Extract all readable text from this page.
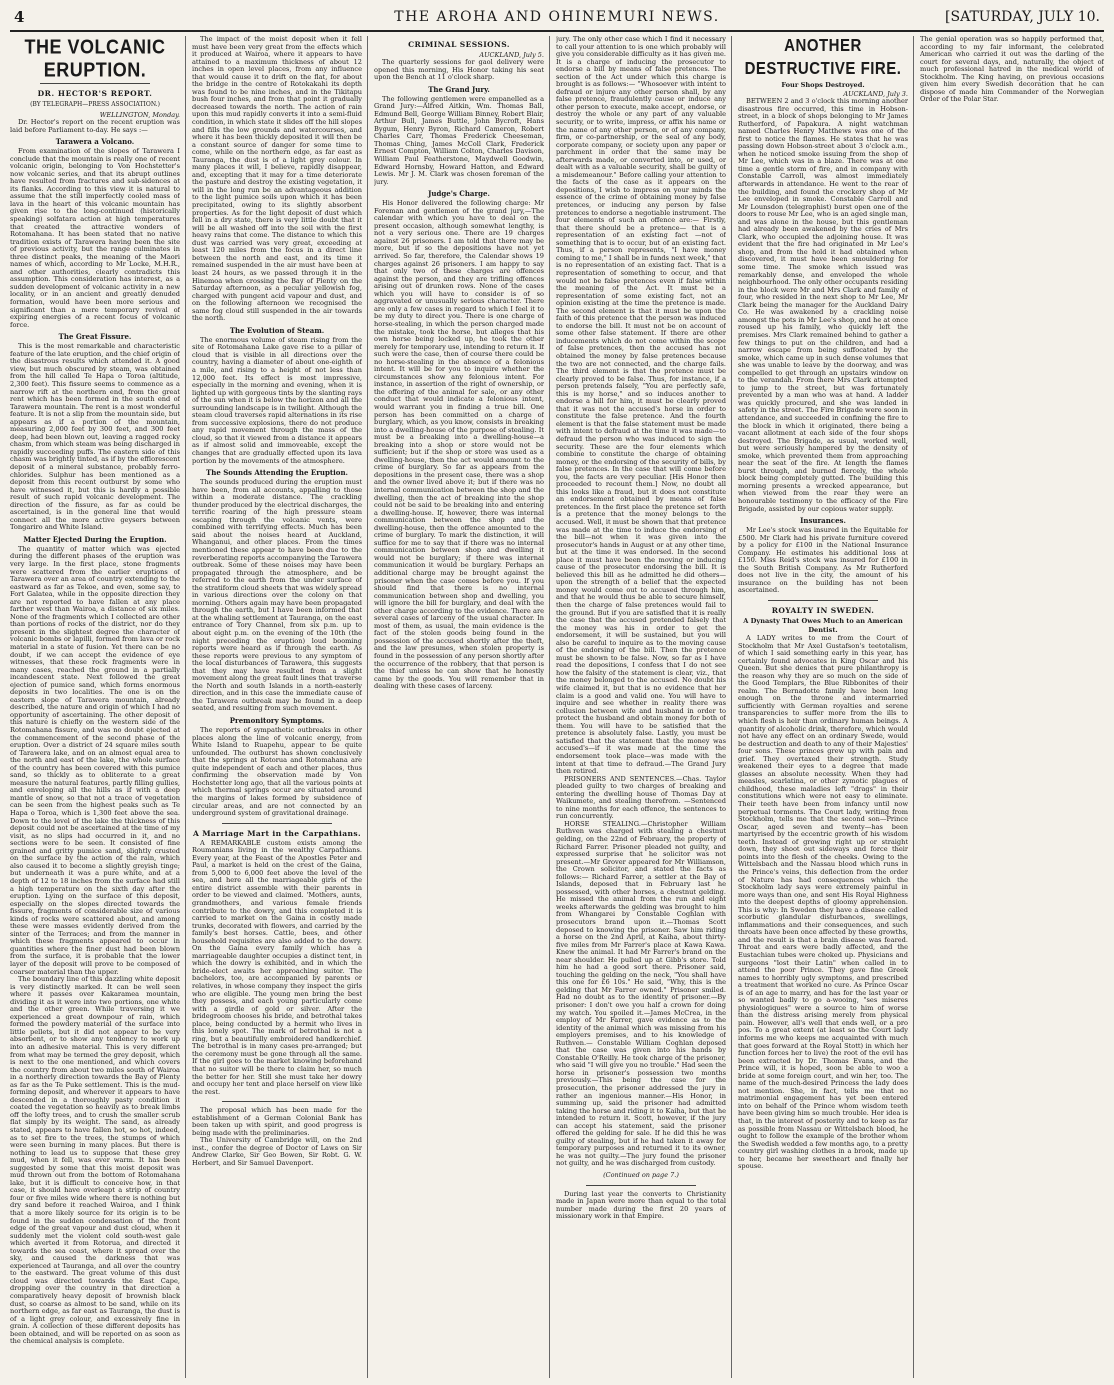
4	THE AROHA AND OHINEMURI NEWS.	[SATURDAY, JULY 10.
THE VOLCANIC ERUPTION.
DR. HECTOR'S REPORT.
(BY TELEGRAPH—PRESS ASSOCIATION.)
WELLINGTON, Monday.

Dr. Hector's report on the recent eruption was laid before Parliament to-day. He says :—

Tarawera a Volcano.

From examination of the slopes of Tarawera I conclude that the mountain is really one of recent volcanic origin, belonging to Von Hochstetter's now volcanic series, and that its abrupt outlines have resulted from fractures and sub-sidences at its flanks. According to this view it is natural to assume that the still imperfectly cooled mass of lava in the heart of this volcanic mountain has given rise to the long-continued (historically speaking) solfatara action at high temperatures that created the attractive wonders of Rotomahana. It has been stated that no native tradition exists of Tarawera having been the site of previous activity, but the range culminates in three distinct peaks, the meaning of the Maori names of which, according to Mr Locke, M.H.R., and other authorities, clearly contradicts this assumption. This consideration has interest, as a sudden development of volcanic activity in a new locality, or in an ancient and greatly denuded formation, would have been more serious and significant than a mere temporary revival of expiring energies of a recent focus of volcanic force.

The Great Fissure.

This is the most remarkable and characteristic feature of the late eruption, and the chief origin of the disastrous results which attended it. A good view, but much obscured by steam, was obtained from the hill called Te Hapa o Toroa (altitude, 2,300 feet). This fissure seems to commence as a narrow rift at the northern end, from the great rent which has been formed in the south end of Tarawera mountain. The rent is a most wonderful feature. It is not a slip from the mountain side, but appears as if a portion of the mountain, measuring 2,000 feet by 300 feet, and 300 feet deep, had been blown out, leaving a ragged rocky chasm, from which steam was being discharged in rapidly succeeding puffs. The eastern side of this chasm was brightly tinted, as if by the efflorescent deposit of a mineral substance, probably ferro-chlorides. Sulphur has been mentioned as a deposit from this recent outburst by some who have witnessed it, but this is hardly a possible result of such rapid volcanic development. The direction of the fissure, as far as could be ascertained, is in the general line that would connect all the more active geysers between Tongariro and White Island.

Matter Ejected During the Eruption.

The quantity of matter which was ejected during the different phases of the eruption was very large. In the first place, stone fragments were scattered from the earlier eruptions of Tarawera over an area of country extending to the eastward as far as Tekoe, and even, some say, to Fort Galatea, while in the opposite direction they are not reported to have fallen at any place farther west than Wairoa, a distance of six miles. None of the fragments which I collected are other than portions of rocks of the district, nor do they present in the slightest degree the character of volcanic bombs or lapilli, formed from lava or rock material in a state of fusion. Yet there can be no doubt, if we can accept the evidence of eye witnesses, that these rock fragments were in many cases, reached the ground in a partially incandescent state. Next followed the great ejection of pumice sand, which forms enormous deposits in two localities. The one is on the eastern slope of Tarawera mountain, already described, the nature and origin of which I had no opportunity of ascertaining. The other deposit of this nature is chiefly on the western side of the Rotomahana fissure, and was no doubt ejected at the commencement of the second phase of the eruption. Over a district of 24 square miles south of Tarawera lake, and on an almost equal area to the north and east of the lake, the whole surface of the country has been covered with this pumice sand, so thickly as to obliterate to a great measure the natural features, partly filling gullies, and enveloping all the hills as if with a deep mantle of snow, so that not a trace of vegetation can be seen from the highest peaks such as Te Hapa o Toroa, which is 1,300 feet above the sea. Down to the level of the lake the thickness of this deposit could not be ascertained at the time of my visit, as no slips had occurred in it, and no sections were to be seen. It consisted of fine grained and gritty pumice sand, slightly crusted on the surface by the action of the rain, which also caused it to become a slightly greyish tinge; but underneath it was a pure white, and at a depth of 12 to 18 inches from the surface had still a high temperature on the sixth day after the eruption. Lying on the surface of this deposit, especially on the slopes directed towards the fissure, fragments of considerable size of various kinds of rocks were scattered about, and among these were masses evidently derived from the sinter of the Terraces; and from the manner in which these fragments appeared to occur in quantities where the finer dust had been blown from the surface, it is probable that the lower layer of the deposit will prove to be composed of coarser material than the upper.

The boundary line of this dazzling white deposit is very distinctly marked. It can be well seen where it passes over Kakaramea mountain, dividing it as it were into two portions, one white and the other green. While traversing it we experienced a great downpour of rain, which formed the powdery material of the surface into little pellets, but it did not appear to be very absorbent, or to show any tendency to work up into an adhesive material. This is very different from what may be termed the grey deposit, which is next to the one mentioned, and which covers the country from about two miles south of Wairoa in a northerly direction towards the Bay of Plenty as far as the Te Puke settlement. This is the mud-forming deposit, and wherever it appears to have descended in a thoroughly pasty condition it coated the vegetation so heavily as to break limbs off the lofty trees, and to crush the smaller scrub flat simply by its weight. The sand, as already stated, appears to have fallen hot, so hot, indeed, as to set fire to the trees, the stumps of which were seen burning in many places. But there is nothing to lead us to suppose that these grey mud, when it fell, was ever warm. It has been suggested by some that this moist deposit was mud thrown out from the bottom of Rotomahana lake, but it is difficult to conceive how, in that case, it should have overleapt a strip of country four or five miles wide where there is nothing but dry sand before it reached Wairoa, and I think that a more likely source for its origin is to be found in the sudden condensation of the front edge of the great vapour and dust cloud, when it suddenly met the violent cold south-west gale which averted it from Rotorua, and directed it towards the sea coast, where it spread over the sky, and caused the darkness that was experienced at Tauranga, and all over the country to the eastward. The great volume of this dust cloud was directed towards the East Cape, dropping over the country in that direction a comparatively heavy deposit of brownish black dust, so coarse as almost to be sand, while on its northern edge, as far east as Tauranga, the dust is of a light grey colour, and excessively fine in grain. A collection of these different deposits has been obtained, and will be reported on as soon as the chemical analysis is complete.

The impact of the moist deposit when it fell must have been very great from the effects which it produced at Wairoa, where it appears to have attained to a maximum thickness of about 12 inches in open level places, from any influence that would cause it to drift on the flat, for about the bridge in the centre of Rotokakahi its depth was found to be nine inches, and in the Tikitapu bush four inches, and from that point it gradually decreased towards the north. The action of rain upon this mud rapidly converts it into a semi-fluid condition, in which state it slides off the hill slopes and fills the low grounds and watercourses, and where it has been thickly deposited it will then be a constant source of danger for some time to come, while on the northern edge, as far east as Tauranga, the dust is of a light grey colour. In many places it will, I believe, rapidly disappear, and, excepting that it may for a time deteriorate the pasture and destroy the existing vegetation, it will in the long run be an advantageous addition to the light pumice soils upon which it has been precipitated, owing to its slightly absorbent properties. As for the light deposit of dust which fell in a dry state, there is very little doubt that it will be all washed off into the soil with the first heavy rains that come. The distance to which this dust was carried was very great, exceeding at least 120 miles from the focus in a direct line between the north and east, and its time it remained suspended in the air must have been at least 24 hours, as we passed through it in the Hinemoa when crossing the Bay of Plenty on the Saturday afternoon, as a peculiar yellowish fog, charged with pungent acid vapour and dust, and on the following afternoon we recognised the same fog cloud still suspended in the air towards the north.

The Evolution of Steam.

The enormous volume of steam rising from the site of Rotomahana Lake gave rise to a pillar of cloud that is visible in all directions over the country, having a diameter of about one-eighth of a mile, and rising to a height of not less than 12,000 feet. Its effect is most impressive, especially in the morning and evening, when it is lighted up with gorgeous tints by the slanting rays of the sun when it is below the horizon and all the surrounding landscape is in twilight. Although the steam cloud traverses rapid alternations in its rise from successive explosions, there do not produce any rapid movement through the mass of the cloud, so that it viewed from a distance it appears as if almost solid and immoveable, except the changes that are gradually effected upon its lava portion by the movements of the atmosphere.

The Sounds Attending the Eruption.

The sounds produced during the eruption must have been, from all accounts, appalling to those within a moderate distance. The crackling thunder produced by the electrical discharges, the terrific roaring of the high pressure steam escaping through the volcanic vents, were combined with terrifying effects. Much has been said about the noises heard at Auckland, Whanganui, and other places. From the times mentioned these appear to have been due to the reverberating reports accompanying the Tarawera outbreak. Some of these noises may have been propagated through the atmosphere, and be referred to the earth from the under surface of the stratiform cloud sheets that was widely spread in various directions over the colony on that morning. Others again may have been propagated through the earth, but I have been informed that at the whaling settlement at Tauranga, on the east entrance of Tory Channel, from six p.m. up to about eight p.m. on the evening of the 10th (the night preceding the eruption) loud booming reports were heard as if through the earth. As these reports were previous to any symptom of the local disturbances of Tarawera, this suggests that they may have resulted from a slight movement along the great fault lines that traverse the North and south Islands in a north-easterly direction, and in this case the immediate cause of the Tarawera outbreak may be found in a deep seated, and resulting from such movement.

Premonitory Symptoms.

The reports of sympathetic outbreaks in other places along the line of volcanic energy, from White Island to Ruapehu, appear to be quite unfounded. The outburst has shown conclusively that the springs at Rotorua and Rotomahana are quite independent of each and other places, thus confirming the observation made by Von Hochstetter long ago, that all the various points at which thermal springs occur are situated around the margins of lakes formed by subsidence of circular areas, and are not connected by an underground system of gravitational drainage.

A Marriage Mart in the Carpathians.

A REMARKABLE custom exists among the Roumanians living in the wealthy Carpathians. Every year, at the Feast of the Apostles Peter and Paul, a market is held on the crest of the Gaina, from 5,000 to 6,000 feet above the level of the sea, and here all the marriageable girls of the entire district assemble with their parents in order to be viewed and claimed. 'Mothers, aunts, grandmothers, and various female friends contribute to the dowry, and this completed it is carried to market on the Gaina in costly made trunks, decorated with flowers, and carried by the family's best horses. Cattle, bees, and other household requisites are also added to the dowry. On the Gaina every family which has a marriageable daughter occupies a distinct tent, in which the dowry is exhibited, and in which the bride-elect awaits her approaching suitor. The bachelors, too, are accompanied by parents or relatives, in whose company they inspect the girls who are eligible. The young men bring the best they possess, and each young particularly come with a girdle of gold or silver. After the bridegroom chooses his bride, and betrothal takes place, being conducted by a hermit who lives in this lonely spot. The mark of betrothal is not a ring, but a beautifully embroidered handkerchief. The betrothal is in many cases pre-arranged; but the ceremony must be gone through all the same. If the girl goes to the market knowing beforehand that no suitor will be there to claim her, so much the better for her. Still she must take her dowry and occupy her tent and place herself on view like the rest.

The proposal which has been made for the establishment of a German Colonial Bank has been taken up with spirit, and good progress is being made with the preliminaries.

The University of Cambridge will, on the 2nd inst., confer the degree of Doctor of Laws on Sir Andrew Clarke, Sir Geo Bowen, Sir Robt. G. W. Herbert, and Sir Samuel Davenport.

CRIMINAL SESSIONS.
AUCKLAND, July 5.

The quarterly sessions for gaol delivery were opened this morning, His Honor taking his seat upon the Bench at 11 o'clock sharp.

The Grand Jury.

The following gentlemen were empanelled as a Grand Jury:—Alfred Aitkin, Wm. Thomas Ball, Edmund Bell, George William Binney, Robert Blair, Arthur Bull, James Buttle, John Bycroft, Hans Bygum, Henry Byron, Richard Cameron, Robert Charles Carr, Thomas Frederick Cheeseman, Thomas Ching, James McColl Clark, Frederick Ernest Compton, William Colton, Charles Davison, William Paul Featherstone, Maydwell Goodwin, Edward Hornsby, Howard Hatton, and Edward Lewis. Mr J. M. Clark was chosen foreman of the jury.

Judge's Charge.

His Honor delivered the following charge: Mr Foreman and gentlemen of the grand jury,—The calendar with which you have to deal on the present occasion, although somewhat lengthy, is not a very serious one. There are 19 charges against 26 prisoners. I am told that there may be more, but if so the depositions have not yet arrived. So far, therefore, the Calendar shows 19 charges against 26 prisoners. I am happy to say that only two of these charges are offences against the person, and they are trifling offences arising out of drunken rows. None of the cases which you will have to consider is of so aggravated or unusually serious character. There are only a few cases in regard to which I feel it to be my duty to direct you. There is one charge of horse-stealing, in which the person charged made the mistake, took the horse, but alleges that his own horse being locked up, he took the other merely for temporary use, intending to return it. If such were the case, then of course there could be no horse-stealing in the absence of a felonious intent. It will be for you to inquire whether the circumstances show any felonious intent. For instance, in assertion of the right of ownership, or the offering of the animal for sale, or any other conduct that would indicate a felonious intent, would warrant you in finding a true bill. One person has been committed on a charge of burglary, which, as you know, consists in breaking into a dwelling-house of the purpose of stealing. It must be a breaking into a dwelling-house—a breaking into a shop or store would not be sufficient; but if the shop or store was used as a dwelling-house, then the act would amount to the crime of burglary. So far as appears from the depositions in the present case, there was a shop and the owner lived above it; but if there was no internal communication between the shop and the dwelling, then the act of breaking into the shop could not be said to be breaking into and entering a dwelling-house. If, however, there was internal communication between the shop and the dwelling-house, then the offence amounted to the crime of burglary. To mark the distinction, it will suffice for me to say that if there was no internal communication between shop and dwelling it would not be burglary; if there was internal communication it would be burglary. Perhaps an additional charge may be brought against the prisoner when the case comes before you. If you should find that there is no internal communication between shop and dwelling, you will ignore the bill for burglary, and deal with the other charge according to the evidence. There are several cases of larceny of the usual character. In most of them, as usual, the main evidence is the fact of the stolen goods being found in the possession of the accused shortly after the theft, and the law presumes, when stolen property is found in the possession of any person shortly after the occurrence of the robbery, that that person is the thief unless he can show that he honestly came by the goods. You will remember that in dealing with these cases of larceny.

jury. The only other case which I find it necessary to call your attention to is one which probably will give you considerable difficulty as it has given me. It is a charge of inducing the prosecutor to endorse a bill by means of false pretences. The section of the Act under which this charge is brought is as follows:— "Whosoever with intent to defraud or injure any other person shall, by any false pretence, fraudulently cause or induce any other person to execute, make accept, endorse, or destroy the whole or any part of any valuable security, or to write, impress, or affix his name or the name of any other person, or of any company, firm, or co-partnership, or the seal of any body, corporate company, or society upon any paper or parchment in order that the same may be afterwards made, or converted into, or used, or dealt with as a valuable security, shall be guilty of a misdemeanour." Before calling your attention to the facts of the case as it appears on the depositions, I wish to impress on your minds the essence of the crime of obtaining money by false pretences, or inducing any person by false pretences to endorse a negotiable instrument. The four elements of such an offence are:— Firstly, that there should be a pretence— that is a representation of an existing fact —not of something that is to occur, but of an existing fact. Thus, if a person represents, "I have money coming to me," I shall be in funds next week," that is no representation of an existing fact. That is a representation of something to occur, and that would not be false pretences even if false within the meaning of the Act. It must be a representation of some existing fact, not an opinion existing at the time the pretence is made. The second element is that it must be upon the faith of this pretence that the person was induced to endorse the bill. It must not be on account of some other false statement. If there are other inducements which do not come within the scope of false pretences, then the accused has not obtained the money by false pretences because the two are not connected, and the charge fails. The third element is that the pretence must be clearly proved to be false. Thus, for instance, if a person pretends falsely, "You are perfectly safe, this is my horse," and so induces another to endorse a bill for him, it must be clearly proved that it was not the accused's horse in order to constitute the false pretence. And the fourth element is that the false statement must be made with intent to defraud at the time it was made—to defraud the person who was induced to sign the security. These are the four elements which combine to constitute the charge of obtaining money, or the endorsing of the security of bills, by false pretences. In the case that will come before you, the facts are very peculiar. [His Honor then proceeded to recount them.] Now, no doubt all this looks like a fraud, but it does not constitute an endorsement obtained by means of false pretences. In the first place the pretence set forth is a pretence that the money belongs to the accused. Well, it must be shown that that pretence was made at the time to induce the endorsing of the bill—not when it was given into the prosecutor's hands in August or at any other time, but at the time it was endorsed. In the second place it must have been the moving or inducing cause of the prosecutor endorsing the bill. It is believed this bill as he admitted he did others—upon the strength of a belief that the expected money would come out to accused through him, and that he would thus be able to secure himself, then the charge of false pretences would fail to the ground. But if you are satisfied that it is really the case that the accused pretended falsely that the money was his in order to get the endorsement, it will be sustained, but you will also be careful to inquire as to the moving cause of the endorsing of the bill. Then the pretence must be shown to be false. Now, so far as I have read the depositions, I confess that I do not see how the falsity of the statement is clear, viz., that the money belonged to the accused. No doubt his wife claimed it, but that is no evidence that her claim is a good and valid one. You will have to inquire and see whether in reality there was collusion between wife and husband in order to protect the husband and obtain money for both of them. You will have to be satisfied that the pretence is absolutely false. Lastly, you must be satisfied that the statement that the money was accused's—if it was made at the time the endorsement took place—was made with the intent at that time to defraud.—The Grand Jury then retired.

PRISONERS AND SENTENCES.—Chas. Taylor pleaded guilty to two charges of breaking and entering the dwelling house of Thomas Day at Waikumete, and stealing therefrom. —Sentenced to nine months for each offence, the sentences to run concurrently.

HORSE STEALING.—Christopher William Ruthven was charged with stealing a chestnut gelding, on the 22nd of February, the property of Richard Farrer. Prisoner pleaded not guilty, and expressed surprise that he solicitor was not present.—Mr Grover appeared for Mr Williamson, the Crown solicitor, and stated the facts as follows:— Richard Farrer, a settler at the Bay of Islands, deposed that in February last he possessed, with other horses, a chestnut gelding. He missed the animal from the run and eight weeks afterwards the gelding was brought to him from Whangarei by Constable Coghlan with prosecutors brand upon it.—Thomas Scott deposed to knowing the prisoner. Saw him riding a horse on the 2nd April, at Kaiha, about thirty-five miles from Mr Farrer's place at Kawa Kawa. Knew the animal. It had Mr Farrer's brand on the near shoulder. He pulled up at Gibb's store. Told him he had a good sort there. Prisoner said, touching the gelding on the neck, "You shall have this one for £6 10s." He said, "Why, this is the gelding that Mr Farrer owned." Prisoner smiled. Had no doubt as to the identity of prisoner.—By prisoner: I don't owe you half a crown for doing my watch. You spoiled it.—James McCrea, in the employ of Mr Farrer, gave evidence as to the identity of the animal which was missing from his employers premises, and to his knowledge of Ruthven.— Constable William Coghlan deposed that the case was given into his hands by Constable O'Reilly. He took charge of the prisoner, who said "I will give you no trouble." Had seen the horse in prisoner's possession two months previously.—This being the case for the prosecution, the prisoner addressed the jury in rather an ingenious manner.—His Honor, in summing up, said the prisoner had admitted taking the horse and riding it to Kaiha, but that he intended to return it. Scott, however, if the jury can accept his statement, said the prisoner offered the gelding for sale. If he did this he was guilty of stealing, but if he had taken it away for temporary purposes and returned it to its owner, he was not guilty.—The jury found the prisoner not guilty, and he was discharged from custody.

(Continued on page 7.)

During last year the converts to Christianity made in Japan were more than equal to the total number made during the first 20 years of missionary work in that Empire.

ANOTHER DESTRUCTIVE FIRE.
Four Shops Destroyed.
AUCKLAND, July 3.

BETWEEN 2 and 3 o'clock this morning another disastrous fire occurred, this time in Hobson-street, in a block of shops belonging to Mr James Rutherford, of Papakura. A night watchman named Charles Henry Matthews was one of the first to notice the flames. He states that he was passing down Hobson-street about 3 o'clock a.m., when he noticed smoke issuing from the shop of Mr Lee, which was in a blaze. There was at one time a gentle storm of fire, and in company with Constable Carroll, was almost immediately afterwards in attendance. He went to the rear of the building, and found the crockery shop of Mr Lee enveloped in smoke. Constable Carroll and Mr Lounsdon (telegraphist) burst open one of the doors to rouse Mr Lee, who is an aged single man, and was alone in the house, but this gentleman had already been awakened by the cries of Mrs Clark, who occupied the adjoining house. It was evident that the fire had originated in Mr Lee's shop, and from the hold it had obtained when discovered, it must have been smouldering for some time. The smoke which issued was remarkably dense, and enveloped the whole neighbourhood. The only other occupants residing in the block were Mr and Mrs Clark and family of four, who resided in the next shop to Mr Lee, Mr Clark being the manager for the Auckland Dairy Co. He was awakened by a crackling noise amongst the pots in Mr Lee's shop, and he at once roused up his family, who quickly left the premises. Mrs Clark remained behind to gather a few things to put on the children, and had a narrow escape from being suffocated by the smoke, which came up in such dense volumes that she was unable to leave by the doorway, and was compelled to get through an upstairs window on to the verandah. From there Mrs Clark attempted to jump to the street, but was fortunately prevented by a man who was at hand. A ladder was quickly procured, and she was landed in safety in the street. The Fire Brigade were soon in attendance, and succeeded in confining the fire to the block in which it originated, there being a vacant allotment at each side of the four shops destroyed. The Brigade, as usual, worked well, but were seriously hampered by the density of smoke, which prevented them from approaching near the seat of the fire. At length the flames burst through, and burned fiercely, the whole block being completely gutted. The building this morning presents a wrecked appearance, but when viewed from the rear they were an honourable testimony to the efficacy of the Fire Brigade, assisted by our copious water supply.

Insurances.

Mr Lee's stock was insured in the Equitable for £500. Mr Clark had his private furniture covered by a policy for £100 in the National Insurance Company. He estimates his additional loss at £150. Miss Reid's stock was insured for £100 in the South British Company. As Mr Rutherford does not live in the city, the amount of his insurance on the building has not been ascertained.

ROYALTY IN SWEDEN.
A Dynasty That Owes Much to an American Dentist.

A LADY writes to me from the Court of Stockholm that Mr Axel Gustafson's teetotalism, of which I said something early in this year, has certainly found advocates in King Oscar and his Queen. But she denies that pure philanthropy is the reason why they are so much on the side of the Good Templars, the Blue Ribbonites of their realm. The Bernadotte family have been long enough on the throne and intermarried sufficiently with German royalties and serene transparencies to suffer more from the ills to which flesh is heir than ordinary human beings. A quantity of alcoholic drink, therefore, which would not have any effect on an ordinary Swede, would be destruction and death to any of their Majesties' four sons. These princes grew up with pain and grief. They overtaxed their strength. Study weakened their eyes to a degree that made glasses an absolute necessity. When they had measles, scarlatina, or other zymotic plagues of childhood, these maladies left "drags" in their constitutions which were not easy to eliminate. Their teeth have been from infancy until now perpetual torments. The Court lady, writing from Stockholm, tells me that the second son—Prince Oscar, aged seven and twenty—has been martyrised by the eccentric growth of his wisdom teeth. Instead of growing right up or straight down, they shoot out sideways and force their points into the flesh of the cheeks. Owing to the Wittelsbach and the Nassau blood which runs in the Prince's veins, this deflection from the order of Nature has had consequences which the Stockholm lady says were extremely painful in more ways than one, and sent His Royal Highness into the deepest depths of gloomy apprehension. This is why: In Sweden they have a disease called scorbutic glandular disturbances, swellings, inflammations and their consequences, and such throats have been once affected by these growths, and the result is that a brain disease was feared. Throat and ears were badly affected, and the Eustachian tubes were choked up. Physicians and surgeons "lost their Latin" when called in to attend the poor Prince. They gave fine Greek names to horribly ugly symptoms, and prescribed a treatment that worked no cure. As Prince Oscar is of an age to marry, and has for the last year or so wanted badly to go a-wooing, "ses miseres physiologiques" were a source to him of worse than the distress arising merely from physical pain. However, all's well that ends well, or a pro pos. To a great extent (at least so the Court lady informs me who keeps me acquainted with much that goes forward at the Royal Stott) in which her function forces her to live) the root of the evil has been extracted by Dr. Thomas Evans, and the Prince will, it is hoped, soon be able to woo a bride at some foreign court, and win her, too. The name of the much-desired Princess the lady does not mention. She, in fact, tells me that no matrimonial engagement has yet been entered into on behalf of the Prince whom wisdom teeth have been giving him so much trouble. Her idea is that, in the interest of posterity and to keep as far as possible from Nassau or Wittelsbach blood, he ought to follow the example of the brother whom the Swedish wedded a few months ago, to a pretty country girl washing clothes in a brook, made up to her, became her sweetheart and finally her spouse.

The genial operation was so happily performed that, according to my fair informant, the celebrated American who carried it out was the darling of the court for several days, and, naturally, the object of much professional hatred in the medical world of Stockholm. The King having, on previous occasions given him every Swedish decoration that he can dispose of made him Commander of the Norwegian Order of the Polar Star.
